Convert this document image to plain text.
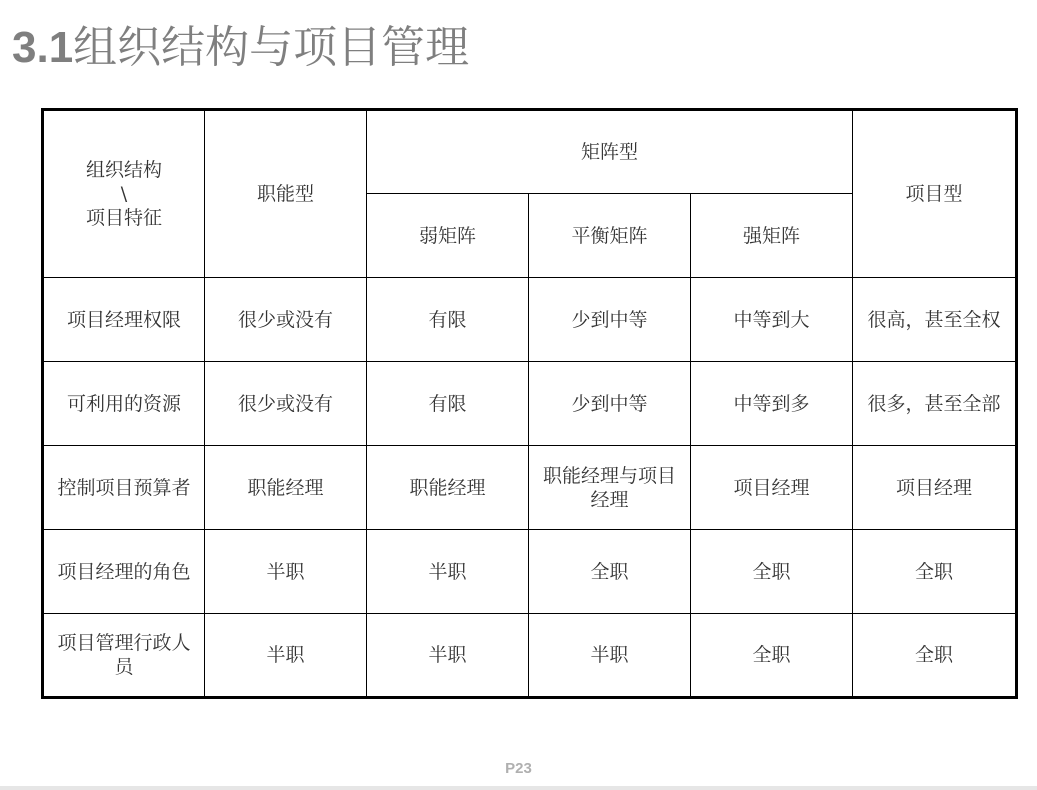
3.1组织结构与项目管理
组织结构
\
项目特征	职能型	矩阵型			项目型
		弱矩阵	平衡矩阵	强矩阵	
项目经理权限	很少或没有	有限	少到中等	中等到大	很高，甚至全权
可利用的资源	很少或没有	有限	少到中等	中等到多	很多，甚至全部
控制项目预算者	职能经理	职能经理	职能经理与项目经理	项目经理	项目经理
项目经理的角色	半职	半职	全职	全职	全职
项目管理行政人员	半职	半职	半职	全职	全职
P23
